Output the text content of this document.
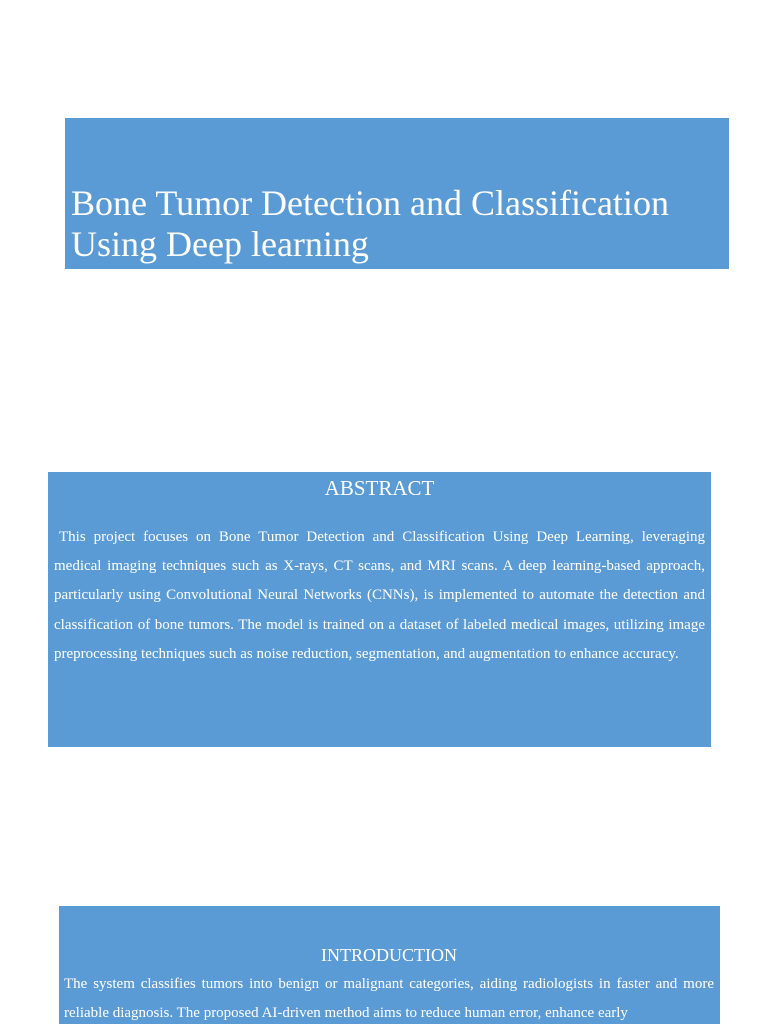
Bone Tumor Detection and Classification
Using Deep learning
ABSTRACT

This project focuses on Bone Tumor Detection and Classification Using Deep Learning, leveraging medical imaging techniques such as X-rays, CT scans, and MRI scans. A deep learning-based approach, particularly using Convolutional Neural Networks (CNNs), is implemented to automate the detection and classification of bone tumors. The model is trained on a dataset of labeled medical images, utilizing image preprocessing techniques such as noise reduction, segmentation, and augmentation to enhance accuracy.

INTRODUCTION

The system classifies tumors into benign or malignant categories, aiding radiologists in faster and more reliable diagnosis. The proposed AI-driven method aims to reduce human error, enhance early
